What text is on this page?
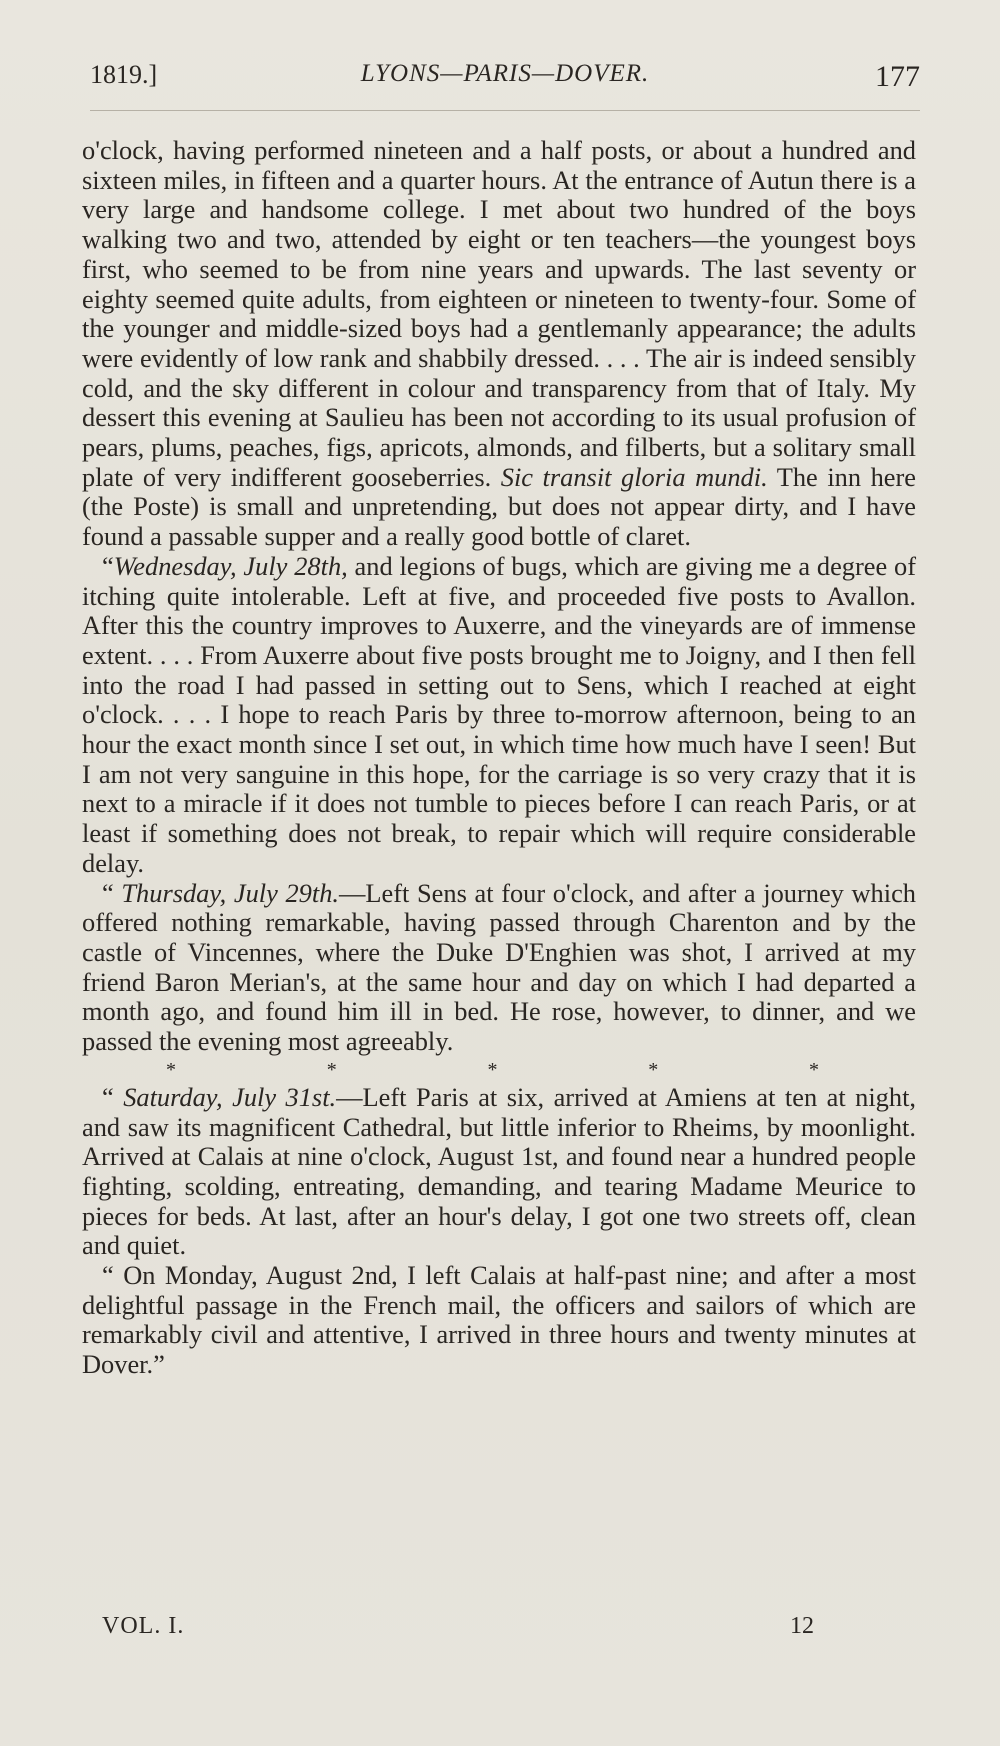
1819.]	LYONS—PARIS—DOVER.	177

o'clock, having performed nineteen and a half posts, or about a hundred and sixteen miles, in fifteen and a quarter hours. At the entrance of Autun there is a very large and handsome college. I met about two hundred of the boys walking two and two, attended by eight or ten teachers—the youngest boys first, who seemed to be from nine years and upwards. The last seventy or eighty seemed quite adults, from eighteen or nineteen to twenty-four. Some of the younger and middle-sized boys had a gentlemanly appearance; the adults were evidently of low rank and shabbily dressed. . . . The air is indeed sensibly cold, and the sky different in colour and transparency from that of Italy. My dessert this evening at Saulieu has been not according to its usual profusion of pears, plums, peaches, figs, apricots, almonds, and filberts, but a solitary small plate of very indifferent gooseberries. Sic transit gloria mundi. The inn here (the Poste) is small and unpretending, but does not appear dirty, and I have found a passable supper and a really good bottle of claret.

“Wednesday, July 28th, and legions of bugs, which are giving me a degree of itching quite intolerable. Left at five, and proceeded five posts to Avallon. After this the country improves to Auxerre, and the vineyards are of immense extent. . . . From Auxerre about five posts brought me to Joigny, and I then fell into the road I had passed in setting out to Sens, which I reached at eight o'clock. . . . I hope to reach Paris by three to-morrow afternoon, being to an hour the exact month since I set out, in which time how much have I seen! But I am not very sanguine in this hope, for the carriage is so very crazy that it is next to a miracle if it does not tumble to pieces before I can reach Paris, or at least if something does not break, to repair which will require considerable delay.

“ Thursday, July 29th.—Left Sens at four o'clock, and after a journey which offered nothing remarkable, having passed through Charenton and by the castle of Vincennes, where the Duke D'Enghien was shot, I arrived at my friend Baron Merian's, at the same hour and day on which I had departed a month ago, and found him ill in bed. He rose, however, to dinner, and we passed the evening most agreeably.

*	*	*	*	*

“ Saturday, July 31st.—Left Paris at six, arrived at Amiens at ten at night, and saw its magnificent Cathedral, but little inferior to Rheims, by moonlight. Arrived at Calais at nine o'clock, August 1st, and found near a hundred people fighting, scolding, entreating, demanding, and tearing Madame Meurice to pieces for beds. At last, after an hour's delay, I got one two streets off, clean and quiet.

“ On Monday, August 2nd, I left Calais at half-past nine; and after a most delightful passage in the French mail, the officers and sailors of which are remarkably civil and attentive, I arrived in three hours and twenty minutes at Dover.”

VOL. I.	12
